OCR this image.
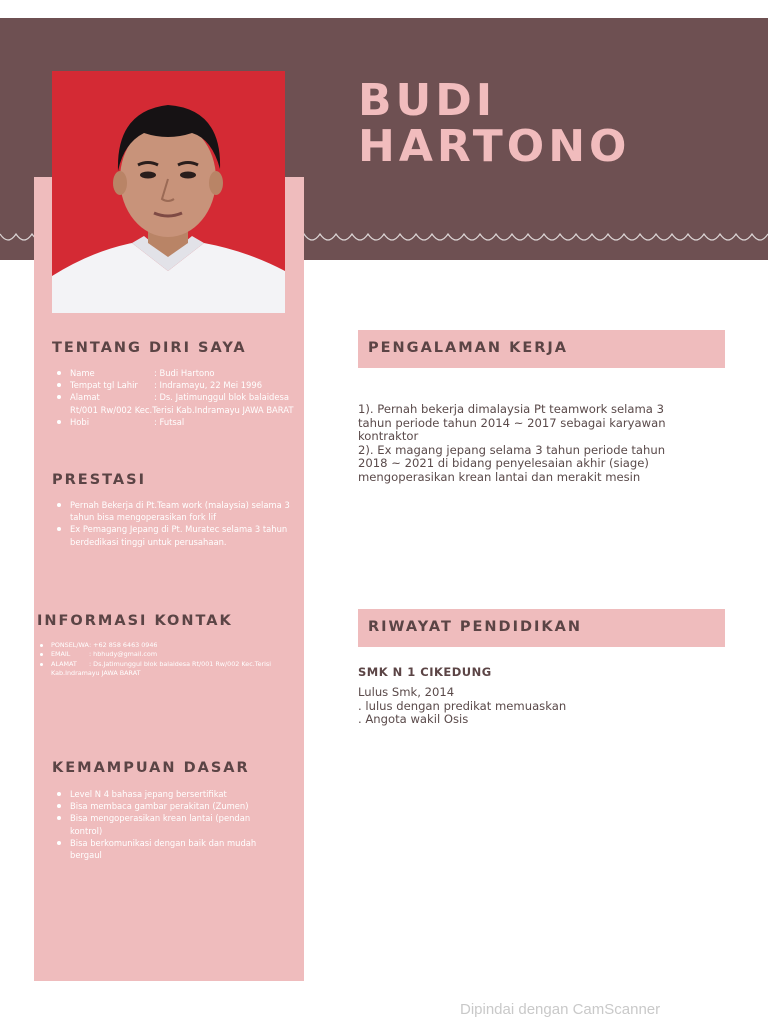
BUDI
HARTONO
TENTANG DIRI SAYA
Name	: Budi Hartono
Tempat tgl Lahir : Indramayu, 22 Mei 1996
Alamat	: Ds. Jatimunggul blok balaidesa Rt/001 Rw/002 Kec.Terisi Kab.Indramayu JAWA BARAT
Hobi	: Futsal
PRESTASI
Pernah Bekerja di Pt.Team work (malaysia) selama 3 tahun bisa mengoperasikan fork lif
Ex Pemagang Jepang di Pt. Muratec selama 3 tahun berdedikasi tinggi untuk perusahaan.
INFORMASI KONTAK
PONSEL/WA: +62 858 6463 0946
EMAIL	: hbhudy@gmail.com
ALAMAT : Ds.Jatimunggul blok balaidesa Rt/001 Rw/002 Kec.Terisi Kab.Indramayu JAWA BARAT
KEMAMPUAN DASAR
Level N 4 bahasa jepang bersertifikat
Bisa membaca gambar perakitan (Zumen)
Bisa mengoperasikan krean lantai (pendan kontrol)
Bisa berkomunikasi dengan baik dan mudah bergaul
PENGALAMAN KERJA

1). Pernah bekerja dimalaysia Pt teamwork selama 3
tahun periode tahun 2014 ~ 2017 sebagai karyawan
kontraktor
2). Ex magang jepang selama 3 tahun periode tahun
2018 ~ 2021 di bidang penyelesaian akhir (siage)
mengoperasikan krean lantai dan merakit mesin

RIWAYAT PENDIDIKAN

SMK N 1 CIKEDUNG

Lulus Smk, 2014
. lulus dengan predikat memuaskan
. Angota wakil Osis

Dipindai dengan CamScanner
